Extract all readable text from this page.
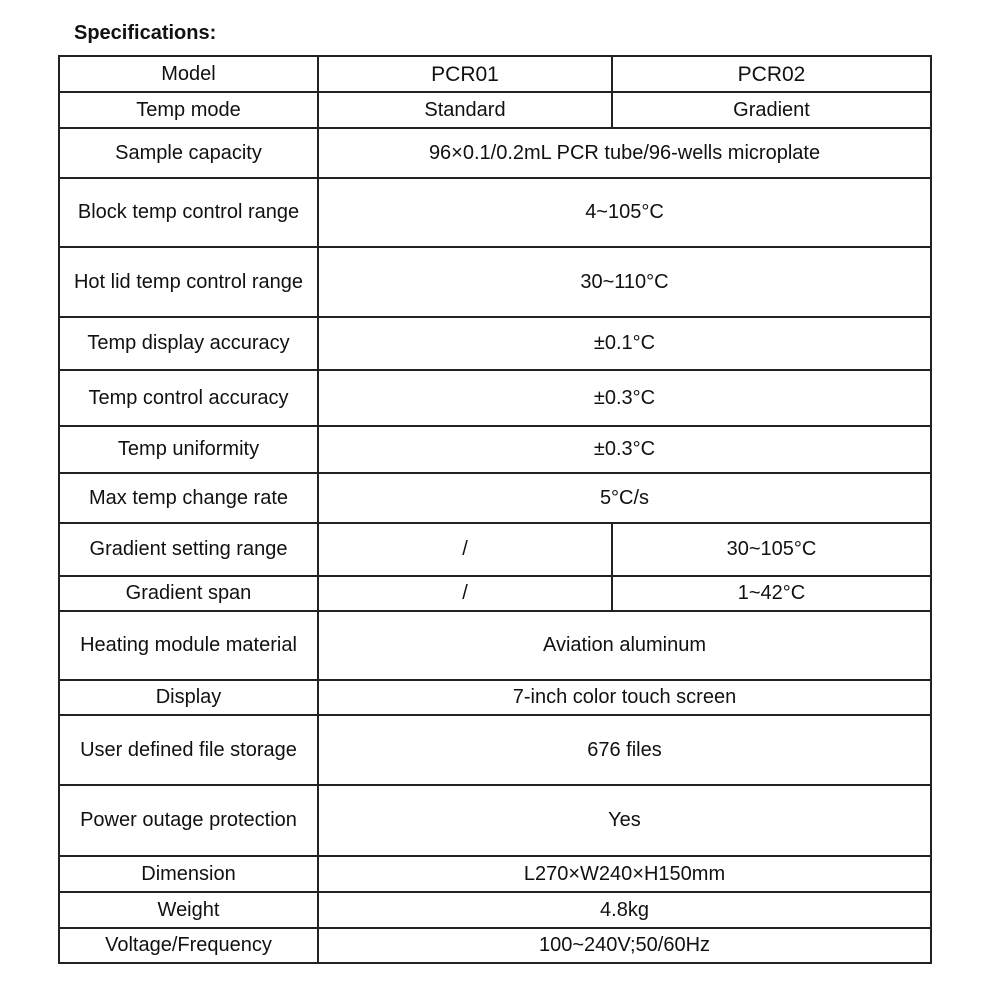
Specifications:
Model	PCR01	PCR02
Temp mode	Standard	Gradient
Sample capacity	96×0.1/0.2mL PCR tube/96-wells microplate	
Block temp control range	4~105°C	
Hot lid temp control range	30~110°C	
Temp display accuracy	±0.1°C	
Temp control accuracy	±0.3°C	
Temp uniformity	±0.3°C	
Max temp change rate	5°C/s	
Gradient setting range	/	30~105°C
Gradient span	/	1~42°C
Heating module material	Aviation aluminum	
Display	7-inch color touch screen	
User defined file storage	676 files	
Power outage protection	Yes	
Dimension	L270×W240×H150mm	
Weight	4.8kg	
Voltage/Frequency	100~240V;50/60Hz	
